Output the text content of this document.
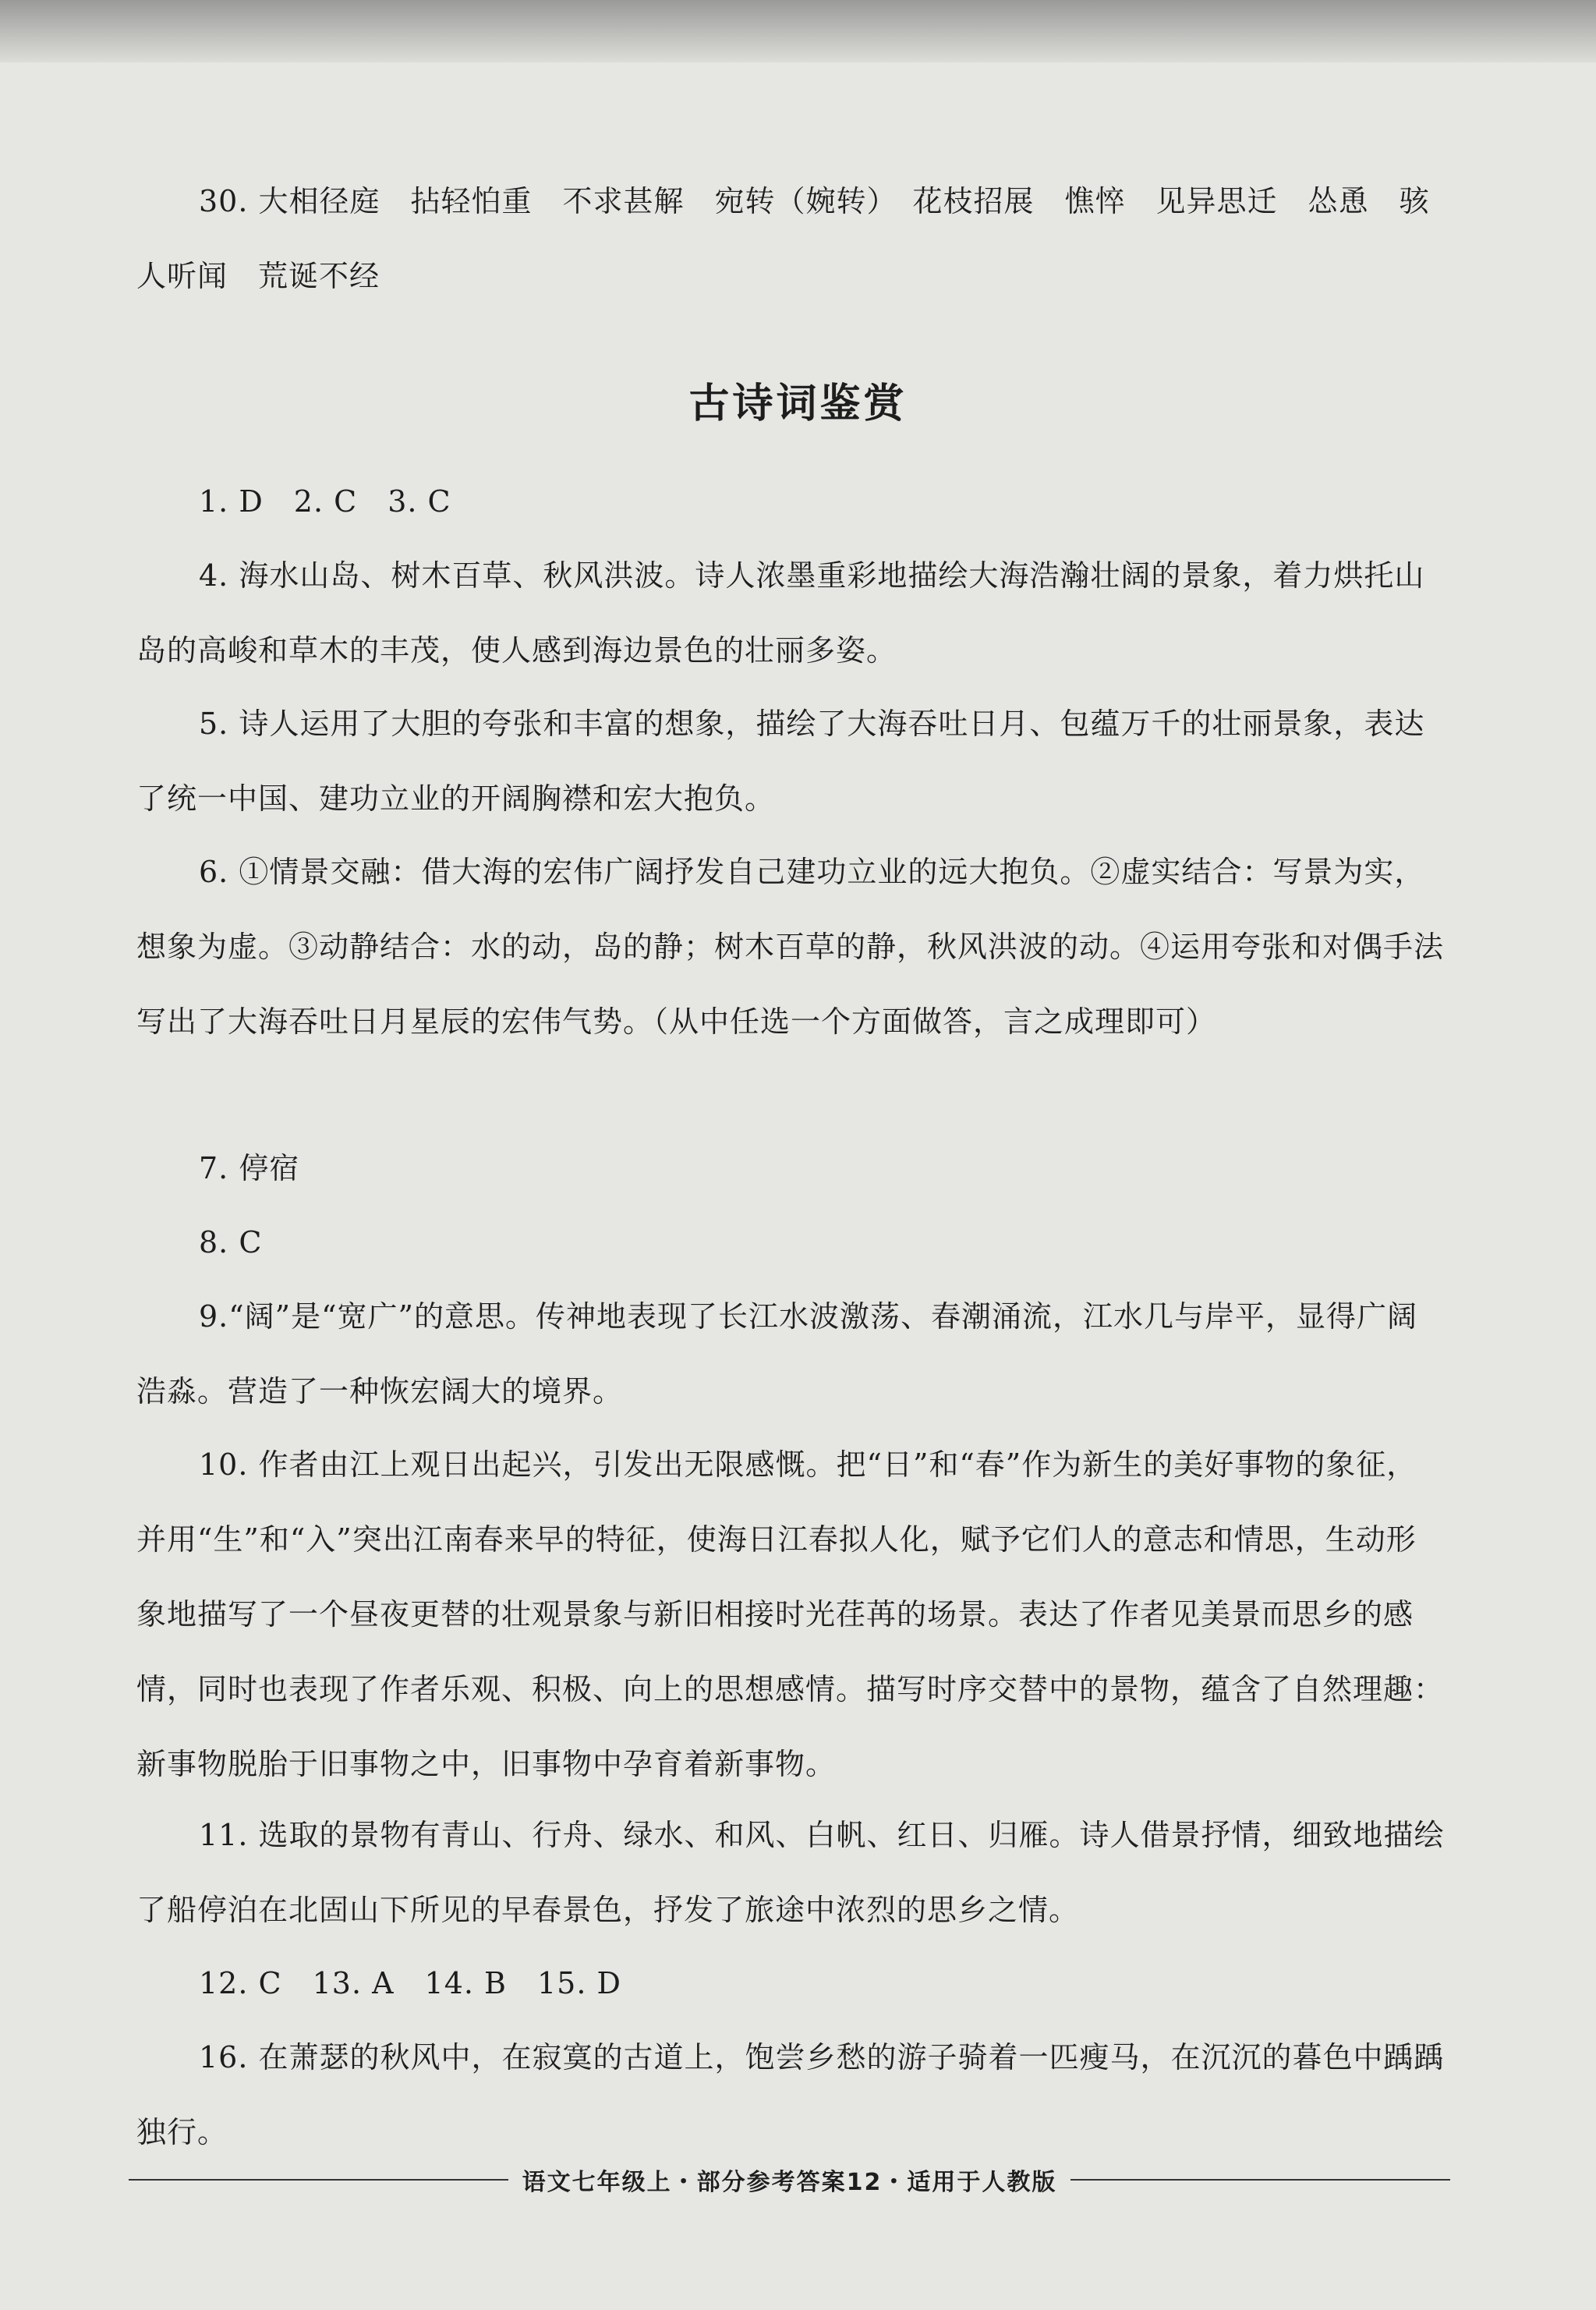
30. 大相径庭　拈轻怕重　不求甚解　宛转（婉转）　花枝招展　憔悴　见异思迁　怂恿　骇人听闻　荒诞不经

古诗词鉴赏

1. D　2. C　3. C

4. 海水山岛、树木百草、秋风洪波。诗人浓墨重彩地描绘大海浩瀚壮阔的景象，着力烘托山岛的高峻和草木的丰茂，使人感到海边景色的壮丽多姿。

5. 诗人运用了大胆的夸张和丰富的想象，描绘了大海吞吐日月、包蕴万千的壮丽景象，表达了统一中国、建功立业的开阔胸襟和宏大抱负。

6. ①情景交融：借大海的宏伟广阔抒发自己建功立业的远大抱负。②虚实结合：写景为实，想象为虚。③动静结合：水的动，岛的静；树木百草的静，秋风洪波的动。④运用夸张和对偶手法写出了大海吞吐日月星辰的宏伟气势。（从中任选一个方面做答，言之成理即可）

7. 停宿

8. C

9.“阔”是“宽广”的意思。传神地表现了长江水波激荡、春潮涌流，江水几与岸平，显得广阔浩淼。营造了一种恢宏阔大的境界。

10. 作者由江上观日出起兴，引发出无限感慨。把“日”和“春”作为新生的美好事物的象征，并用“生”和“入”突出江南春来早的特征，使海日江春拟人化，赋予它们人的意志和情思，生动形象地描写了一个昼夜更替的壮观景象与新旧相接时光荏苒的场景。表达了作者见美景而思乡的感情，同时也表现了作者乐观、积极、向上的思想感情。描写时序交替中的景物，蕴含了自然理趣：新事物脱胎于旧事物之中，旧事物中孕育着新事物。

11. 选取的景物有青山、行舟、绿水、和风、白帆、红日、归雁。诗人借景抒情，细致地描绘了船停泊在北固山下所见的早春景色，抒发了旅途中浓烈的思乡之情。

12. C　13. A　14. B　15. D

16. 在萧瑟的秋风中，在寂寞的古道上，饱尝乡愁的游子骑着一匹瘦马，在沉沉的暮色中踽踽独行。

语文七年级上・部分参考答案12・适用于人教版
